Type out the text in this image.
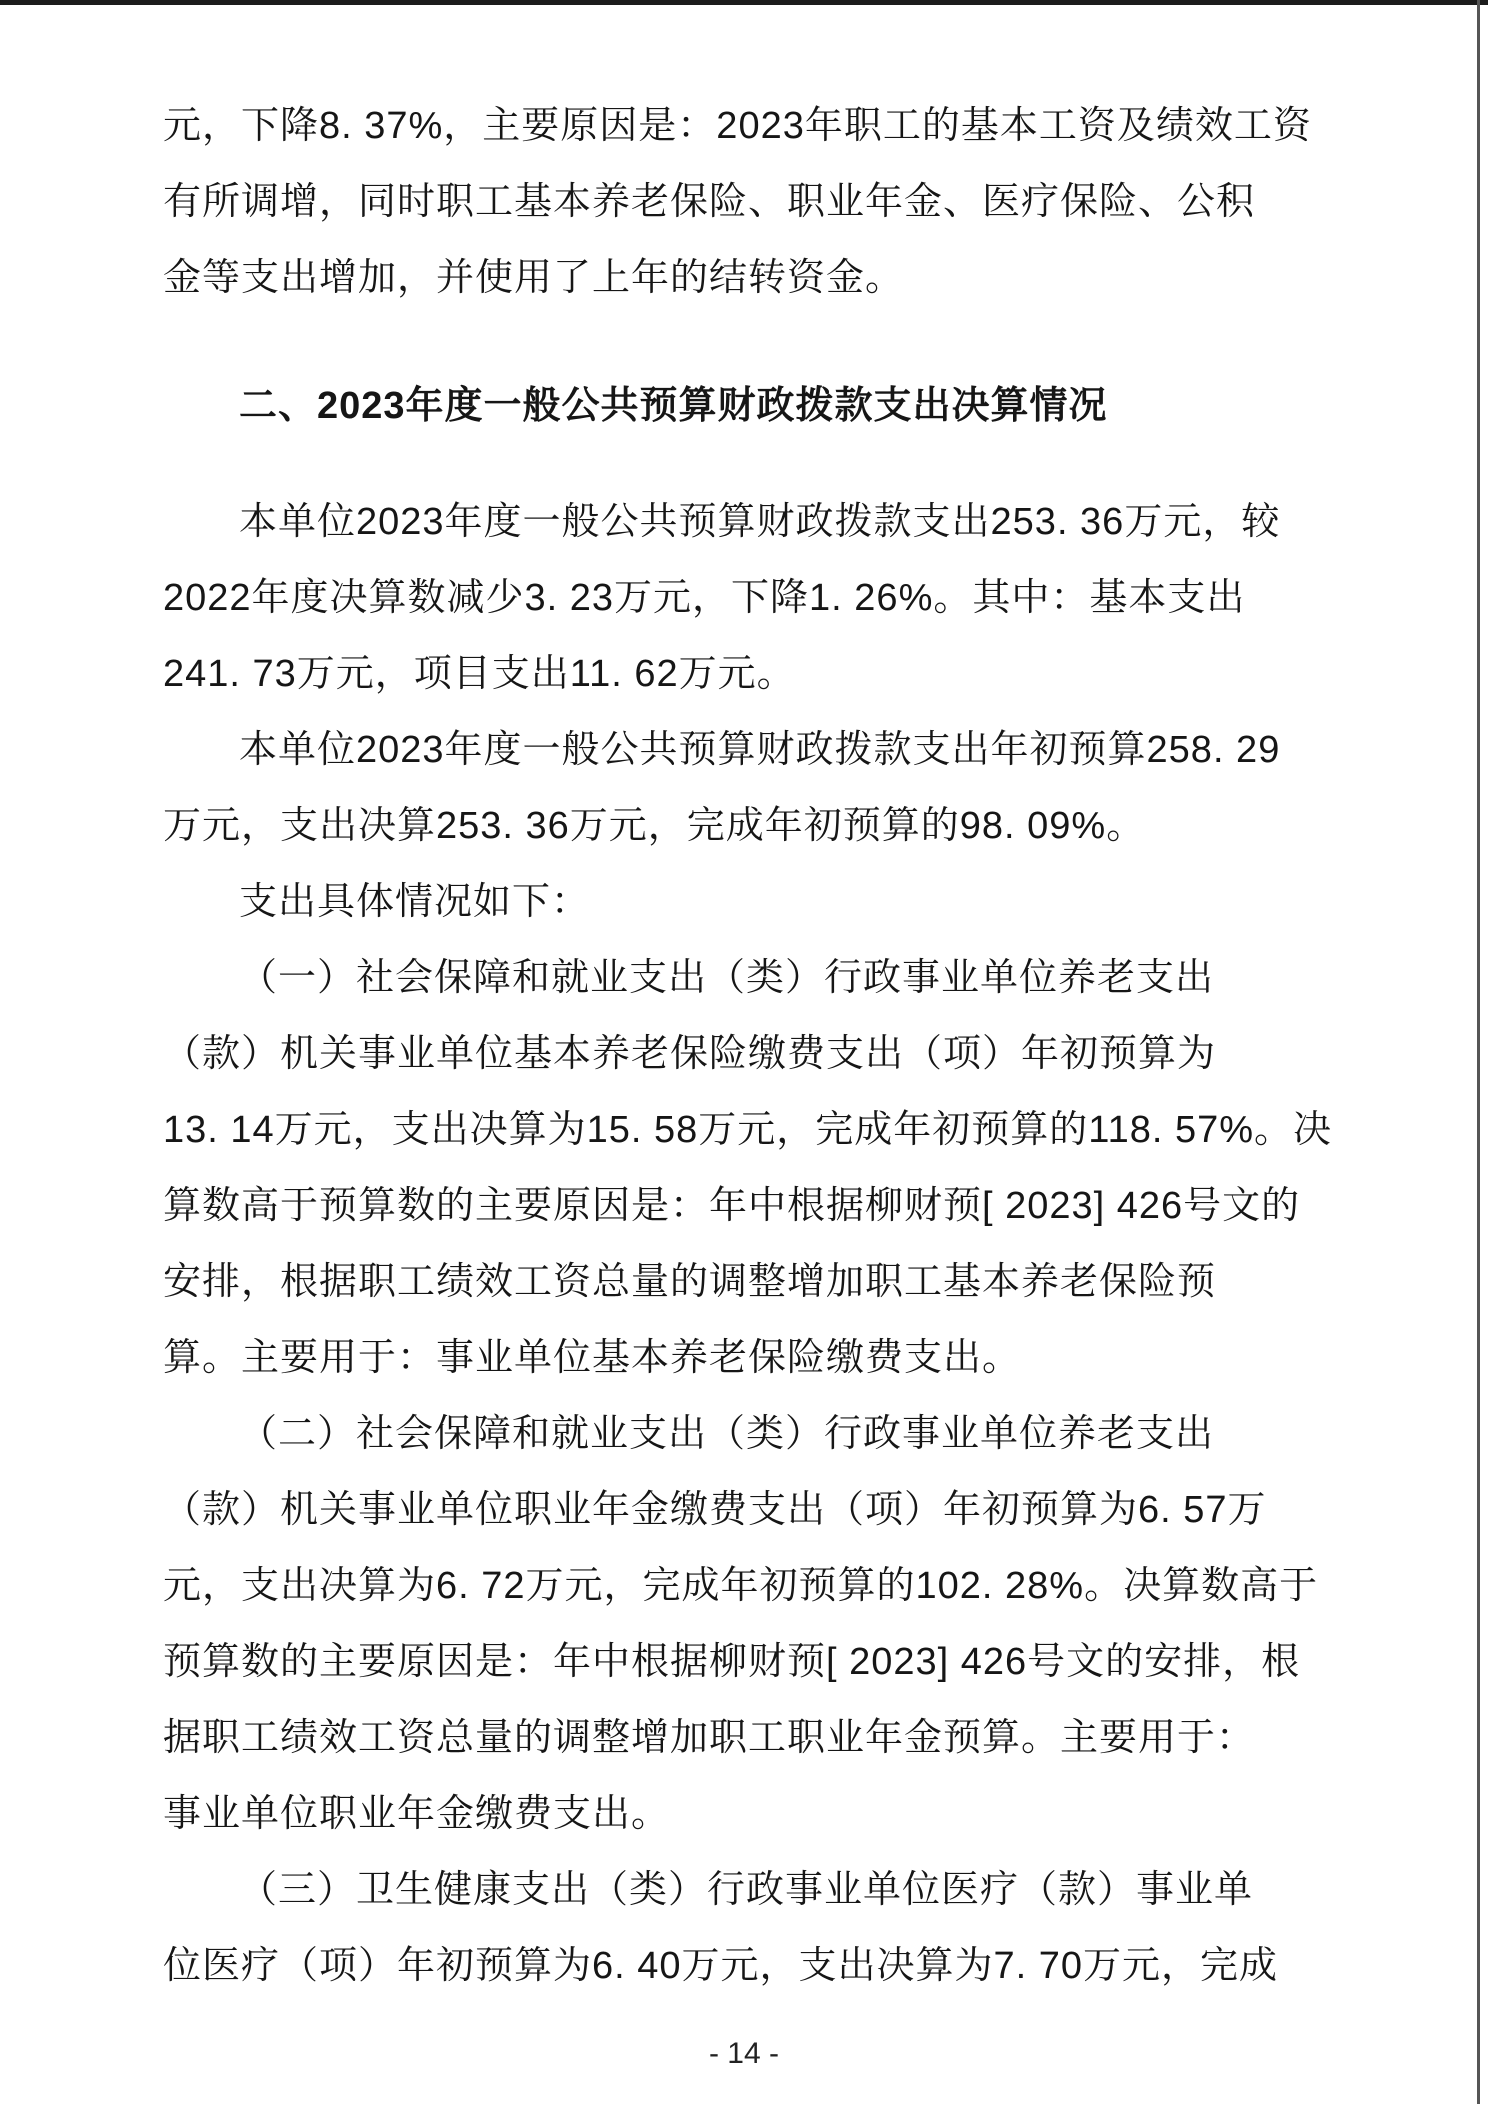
元，下降8. 37%，主要原因是：2023年职工的基本工资及绩效工资
有所调增，同时职工基本养老保险、职业年金、医疗保险、公积
金等支出增加，并使用了上年的结转资金。
二、2023年度一般公共预算财政拨款支出决算情况
本单位2023年度一般公共预算财政拨款支出253. 36万元，较
2022年度决算数减少3. 23万元，下降1. 26%。其中：基本支出
241. 73万元，项目支出11. 62万元。
本单位2023年度一般公共预算财政拨款支出年初预算258. 29
万元，支出决算253. 36万元，完成年初预算的98. 09%。
支出具体情况如下：
（一）社会保障和就业支出（类）行政事业单位养老支出
（款）机关事业单位基本养老保险缴费支出（项）年初预算为
13. 14万元，支出决算为15. 58万元，完成年初预算的118. 57%。决
算数高于预算数的主要原因是：年中根据柳财预[ 2023] 426号文的
安排，根据职工绩效工资总量的调整增加职工基本养老保险预
算。主要用于：事业单位基本养老保险缴费支出。
（二）社会保障和就业支出（类）行政事业单位养老支出
（款）机关事业单位职业年金缴费支出（项）年初预算为6. 57万
元，支出决算为6. 72万元，完成年初预算的102. 28%。决算数高于
预算数的主要原因是：年中根据柳财预[ 2023] 426号文的安排，根
据职工绩效工资总量的调整增加职工职业年金预算。主要用于：
事业单位职业年金缴费支出。
（三）卫生健康支出（类）行政事业单位医疗（款）事业单
位医疗（项）年初预算为6. 40万元，支出决算为7. 70万元，完成
- 14 -
